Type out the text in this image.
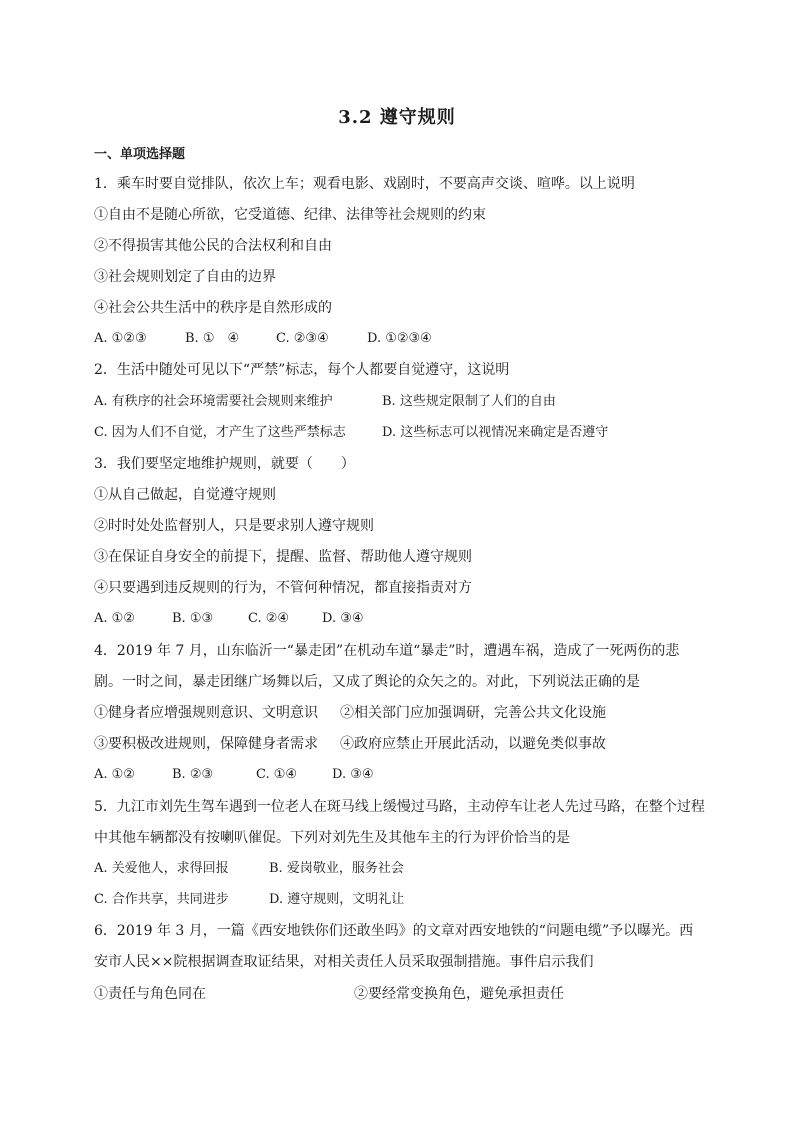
3.2 遵守规则
一、单项选择题
1．乘车时要自觉排队，依次上车；观看电影、戏剧时，不要高声交谈、喧哗。以上说明
①自由不是随心所欲，它受道德、纪律、法律等社会规则的约束
②不得损害其他公民的合法权利和自由
③社会规则划定了自由的边界
④社会公共生活中的秩序是自然形成的
A. ①②③	B. ①　④	C. ②③④	D. ①②③④
2．生活中随处可见以下“严禁”标志，每个人都要自觉遵守，这说明
A. 有秩序的社会环境需要社会规则来维护	B. 这些规定限制了人们的自由
C. 因为人们不自觉，才产生了这些严禁标志	D. 这些标志可以视情况来确定是否遵守
3．我们要坚定地维护规则，就要（　　）
①从自己做起，自觉遵守规则
②时时处处监督别人，只是要求别人遵守规则
③在保证自身安全的前提下，提醒、监督、帮助他人遵守规则
④只要遇到违反规则的行为，不管何种情况，都直接指责对方
A. ①②	B. ①③	C. ②④	D. ③④
4．2019 年 7 月，山东临沂一“暴走团”在机动车道“暴走”时，遭遇车祸，造成了一死两伤的悲
剧。一时之间，暴走团继广场舞以后，又成了舆论的众矢之的。对此，下列说法正确的是
①健身者应增强规则意识、文明意识 ②相关部门应加强调研，完善公共文化设施
③要积极改进规则，保障健身者需求 ④政府应禁止开展此活动，以避免类似事故
A. ①②	B. ②③	C. ①④	D. ③④
5．九江市刘先生驾车遇到一位老人在斑马线上缓慢过马路，主动停车让老人先过马路，在整个过程
中其他车辆都没有按喇叭催促。下列对刘先生及其他车主的行为评价恰当的是
A. 关爱他人，求得回报	B. 爱岗敬业，服务社会
C. 合作共享，共同进步	D. 遵守规则，文明礼让
6．2019 年 3 月，一篇《西安地铁你们还敢坐吗》的文章对西安地铁的“问题电缆”予以曝光。西
安市人民××院根据调查取证结果，对相关责任人员采取强制措施。事件启示我们
①责任与角色同在	②要经常变换角色，避免承担责任
